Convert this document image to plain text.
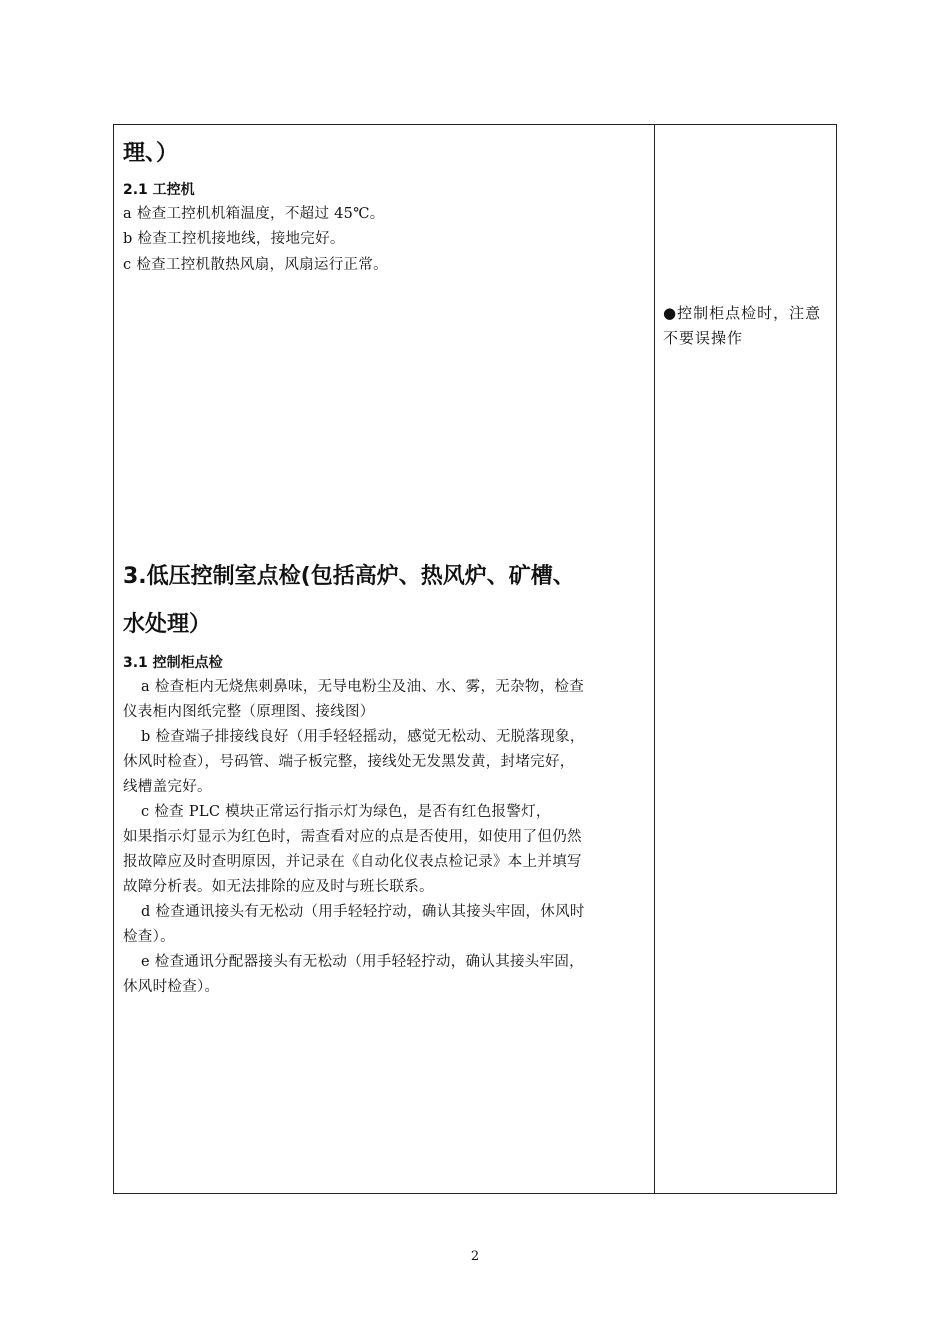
理、）
2.1 工控机
a 检查工控机机箱温度，不超过 45℃。
b 检查工控机接地线，接地完好。
c 检查工控机散热风扇，风扇运行正常。
3.低压控制室点检(包括高炉、热风炉、矿槽、
水处理）
3.1 控制柜点检
a 检查柜内无烧焦刺鼻味，无导电粉尘及油、水、雾，无杂物，检查
仪表柜内图纸完整（原理图、接线图）
b 检查端子排接线良好（用手轻轻摇动，感觉无松动、无脱落现象，
休风时检查），号码管、端子板完整，接线处无发黑发黄，封堵完好，
线槽盖完好。
c 检查 PLC 模块正常运行指示灯为绿色，是否有红色报警灯，
如果指示灯显示为红色时，需查看对应的点是否使用，如使用了但仍然
报故障应及时查明原因，并记录在《自动化仪表点检记录》本上并填写
故障分析表。如无法排除的应及时与班长联系。
d 检查通讯接头有无松动（用手轻轻拧动，确认其接头牢固，休风时
检查）。
e 检查通讯分配器接头有无松动（用手轻轻拧动，确认其接头牢固，
休风时检查）。
●控制柜点检时，注意不要误操作
2
